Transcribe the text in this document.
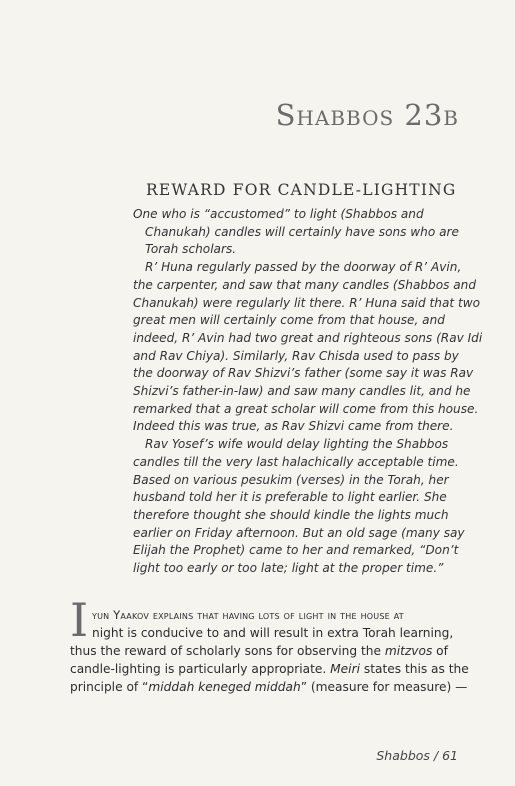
Shabbos 23b
REWARD FOR CANDLE-LIGHTING
One who is “accustomed” to light (Shabbos and
Chanukah) candles will certainly have sons who are
Torah scholars.
R’ Huna regularly passed by the doorway of R’ Avin,
the carpenter, and saw that many candles (Shabbos and
Chanukah) were regularly lit there. R’ Huna said that two
great men will certainly come from that house, and
indeed, R’ Avin had two great and righteous sons (Rav Idi
and Rav Chiya). Similarly, Rav Chisda used to pass by
the doorway of Rav Shizvi’s father (some say it was Rav
Shizvi’s father-in-law) and saw many candles lit, and he
remarked that a great scholar will come from this house.
Indeed this was true, as Rav Shizvi came from there.
Rav Yosef’s wife would delay lighting the Shabbos
candles till the very last halachically acceptable time.
Based on various pesukim (verses) in the Torah, her
husband told her it is preferable to light earlier. She
therefore thought she should kindle the lights much
earlier on Friday afternoon. But an old sage (many say
Elijah the Prophet) came to her and remarked, “Don’t
light too early or too late; light at the proper time.”
I yun Yaakov explains that having lots of light in the house at
night is conducive to and will result in extra Torah learning,
thus the reward of scholarly sons for observing the mitzvos of
candle-lighting is particularly appropriate. Meiri states this as the
principle of “middah keneged middah” (measure for measure) —
Shabbos / 61
